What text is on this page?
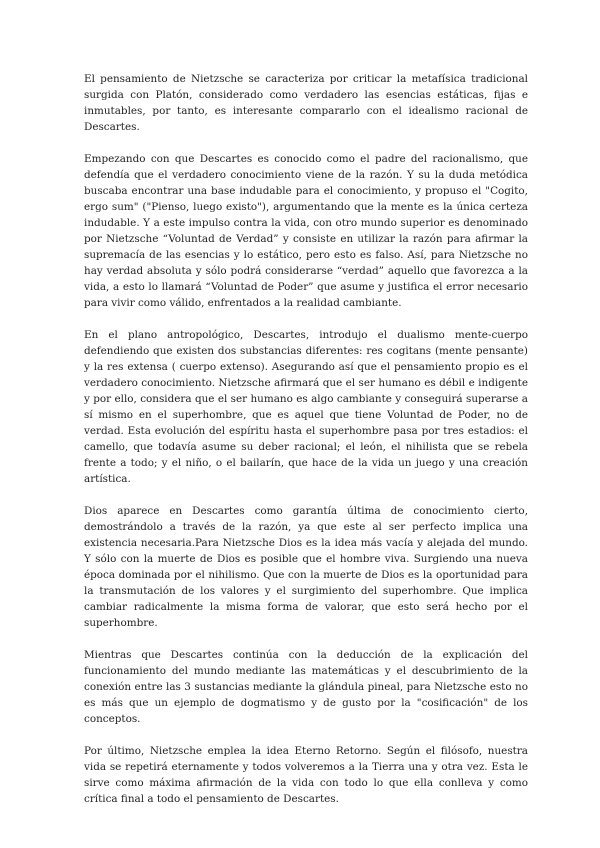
El pensamiento de Nietzsche se caracteriza por criticar la metafísica tradicional surgida con Platón, considerado como verdadero las esencias estáticas, fijas e inmutables, por tanto, es interesante compararlo con el idealismo racional de Descartes.

Empezando con que Descartes es conocido como el padre del racionalismo, que defendía que el verdadero conocimiento viene de la razón. Y su la duda metódica buscaba encontrar una base indudable para el conocimiento, y propuso el "Cogito, ergo sum" ("Pienso, luego existo"), argumentando que la mente es la única certeza indudable. Y a este impulso contra la vida, con otro mundo superior es denominado por Nietzsche “Voluntad de Verdad” y consiste en utilizar la razón para afirmar la supremacía de las esencias y lo estático, pero esto es falso. Así, para Nietzsche no hay verdad absoluta y sólo podrá considerarse “verdad” aquello que favorezca a la vida, a esto lo llamará “Voluntad de Poder” que asume y justifica el error necesario para vivir como válido, enfrentados a la realidad cambiante.

En el plano antropológico, Descartes, introdujo el dualismo mente-cuerpo defendiendo que existen dos substancias diferentes: res cogitans (mente pensante) y la res extensa ( cuerpo extenso). Asegurando así que el pensamiento propio es el verdadero conocimiento. Nietzsche afirmará que el ser humano es débil e indigente y por ello, considera que el ser humano es algo cambiante y conseguirá superarse a sí mismo en el superhombre, que es aquel que tiene Voluntad de Poder, no de verdad. Esta evolución del espíritu hasta el superhombre pasa por tres estadios: el camello, que todavía asume su deber racional; el león, el nihilista que se rebela frente a todo; y el niño, o el bailarín, que hace de la vida un juego y una creación artística.

Dios aparece en Descartes como garantía última de conocimiento cierto, demostrándolo a través de la razón, ya que este al ser perfecto implica una existencia necesaria.Para Nietzsche Dios es la idea más vacía y alejada del mundo. Y sólo con la muerte de Dios es posible que el hombre viva. Surgiendo una nueva época dominada por el nihilismo. Que con la muerte de Dios es la oportunidad para la transmutación de los valores y el surgimiento del superhombre. Que implica cambiar radicalmente la misma forma de valorar, que esto será hecho por el superhombre.

Mientras que Descartes continúa con la deducción de la explicación del funcionamiento del mundo mediante las matemáticas y el descubrimiento de la conexión entre las 3 sustancias mediante la glándula pineal, para Nietzsche esto no es más que un ejemplo de dogmatismo y de gusto por la "cosificación" de los conceptos.

Por último, Nietzsche emplea la idea Eterno Retorno. Según el filósofo, nuestra vida se repetirá eternamente y todos volveremos a la Tierra una y otra vez. Esta le sirve como máxima afirmación de la vida con todo lo que ella conlleva y como crítica final a todo el pensamiento de Descartes.
